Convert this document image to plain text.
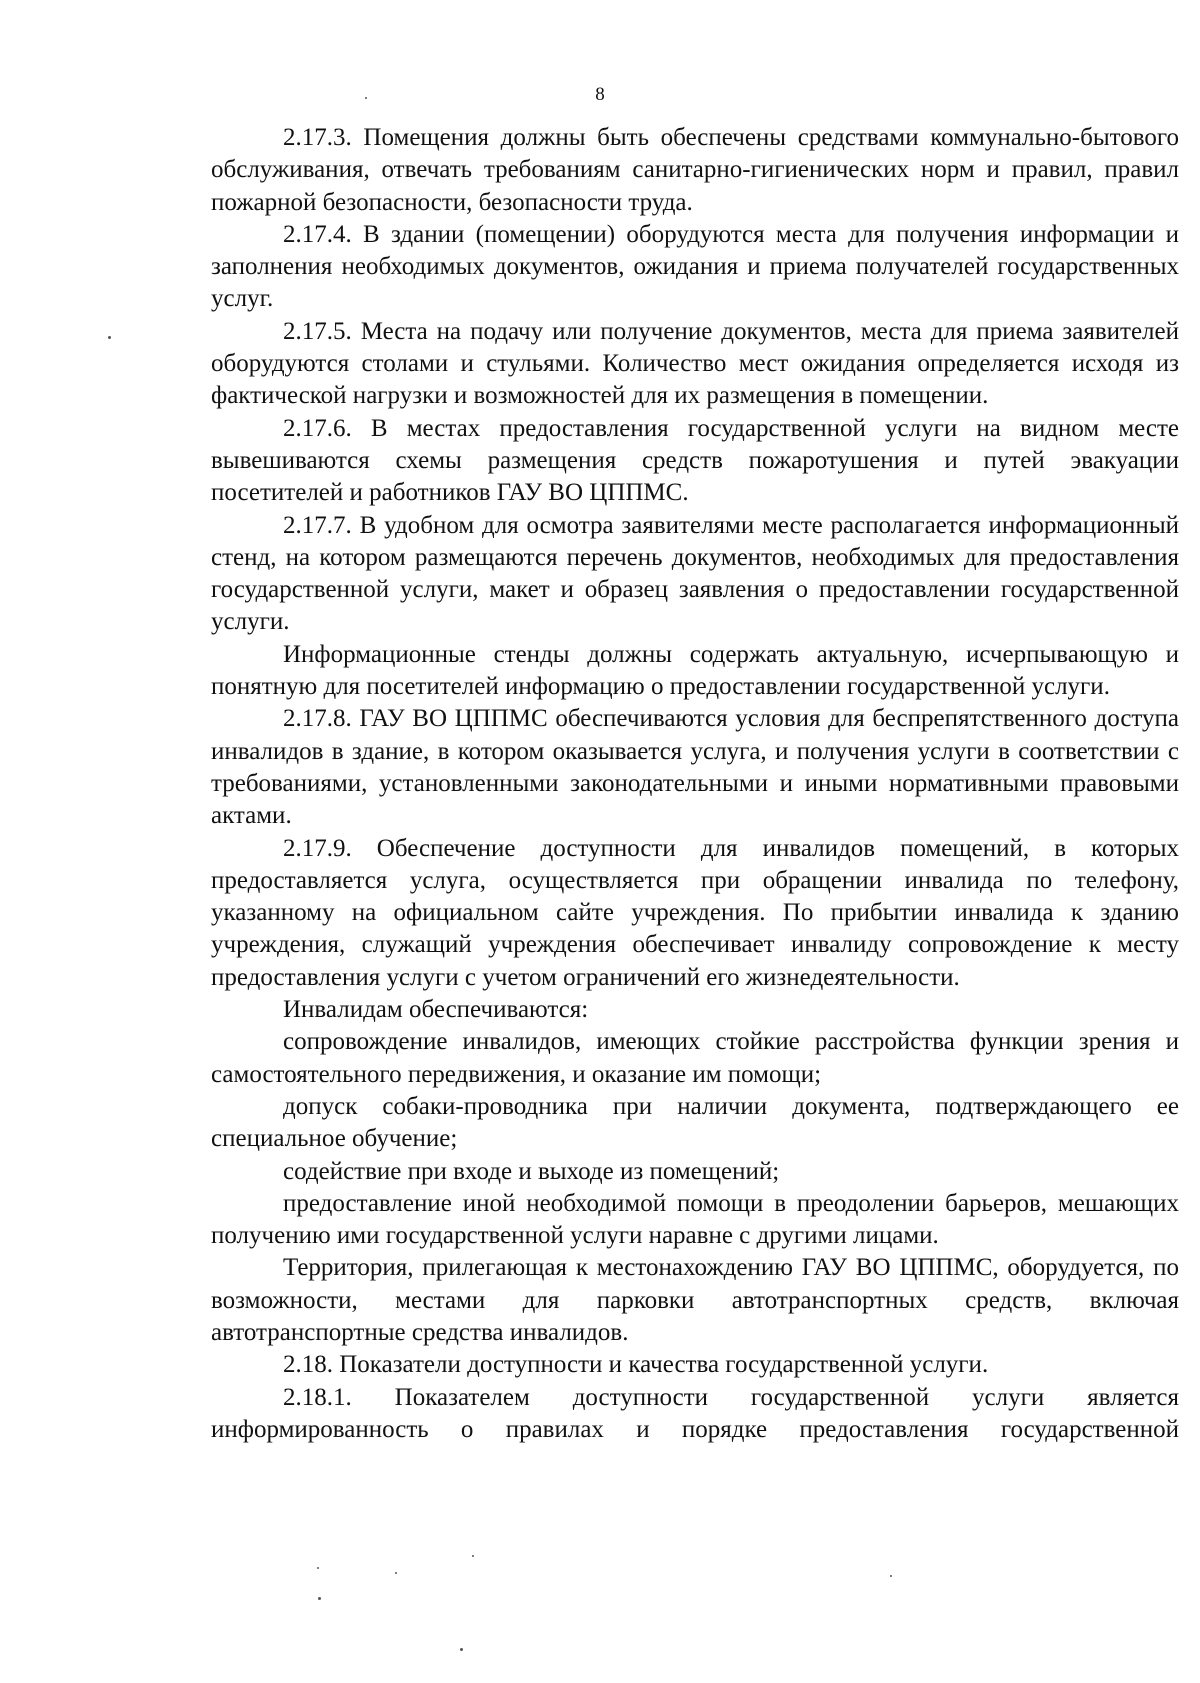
8

2.17.3. Помещения должны быть обеспечены средствами коммунально-бытового обслуживания, отвечать требованиям санитарно-гигиенических норм и правил, правил пожарной безопасности, безопасности труда.

2.17.4. В здании (помещении) оборудуются места для получения информации и заполнения необходимых документов, ожидания и приема получателей государственных услуг.

2.17.5. Места на подачу или получение документов, места для приема заявителей оборудуются столами и стульями. Количество мест ожидания определяется исходя из фактической нагрузки и возможностей для их размещения в помещении.

2.17.6. В местах предоставления государственной услуги на видном месте вывешиваются схемы размещения средств пожаротушения и путей эвакуации посетителей и работников ГАУ ВО ЦППМС.

2.17.7. В удобном для осмотра заявителями месте располагается информационный стенд, на котором размещаются перечень документов, необходимых для предоставления государственной услуги, макет и образец заявления о предоставлении государственной услуги.

Информационные стенды должны содержать актуальную, исчерпывающую и понятную для посетителей информацию о предоставлении государственной услуги.

2.17.8. ГАУ ВО ЦППМС обеспечиваются условия для беспрепятственного доступа инвалидов в здание, в котором оказывается услуга, и получения услуги в соответствии с требованиями, установленными законодательными и иными нормативными правовыми актами.

2.17.9. Обеспечение доступности для инвалидов помещений, в которых предоставляется услуга, осуществляется при обращении инвалида по телефону, указанному на официальном сайте учреждения. По прибытии инвалида к зданию учреждения, служащий учреждения обеспечивает инвалиду сопровождение к месту предоставления услуги с учетом ограничений его жизнедеятельности.

Инвалидам обеспечиваются:

сопровождение инвалидов, имеющих стойкие расстройства функции зрения и самостоятельного передвижения, и оказание им помощи;

допуск собаки-проводника при наличии документа, подтверждающего ее специальное обучение;

содействие при входе и выходе из помещений;

предоставление иной необходимой помощи в преодолении барьеров, мешающих получению ими государственной услуги наравне с другими лицами.

Территория, прилегающая к местонахождению ГАУ ВО ЦППМС, оборудуется, по возможности, местами для парковки автотранспортных средств, включая автотранспортные средства инвалидов.

2.18. Показатели доступности и качества государственной услуги.

2.18.1. Показателем доступности государственной услуги является информированность о правилах и порядке предоставления государственной
